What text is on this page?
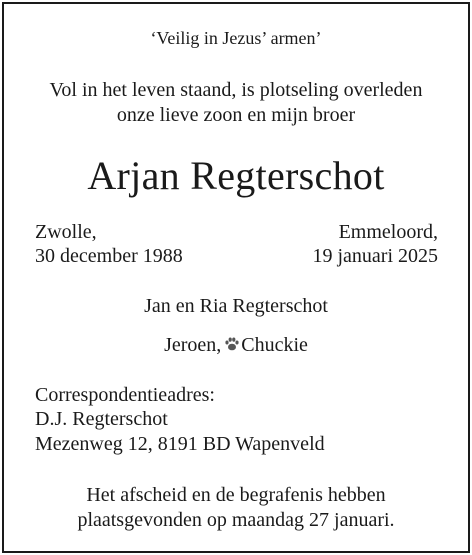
‘Veilig in Jezus’ armen’
Vol in het leven staand, is plotseling overleden
onze lieve zoon en mijn broer
Arjan Regterschot
Zwolle,
30 december 1988
Emmeloord,
19 januari 2025
Jan en Ria Regterschot
Jeroen, Chuckie
Correspondentieadres:
D.J. Regterschot
Mezenweg 12, 8191 BD Wapenveld
Het afscheid en de begrafenis hebben
plaatsgevonden op maandag 27 januari.
